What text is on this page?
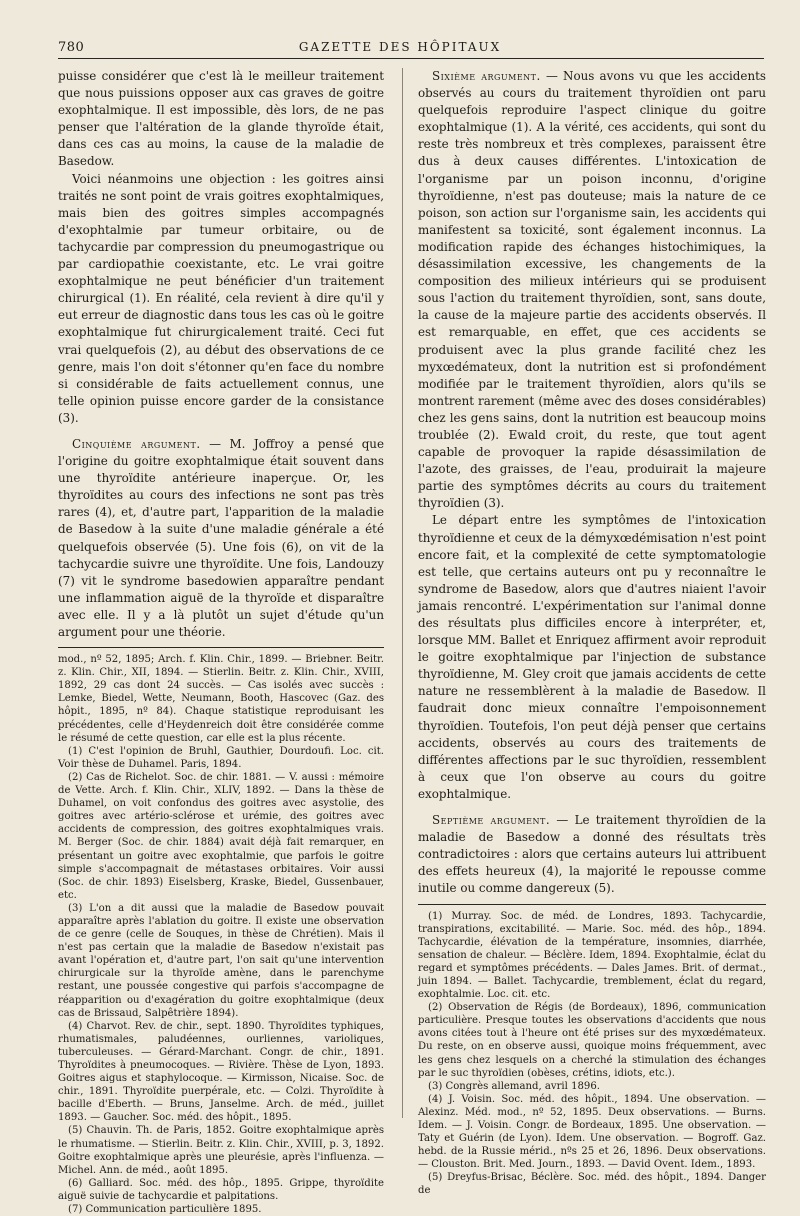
780	GAZETTE DES HÔPITAUX

puisse considérer que c'est là le meilleur traitement que nous puissions opposer aux cas graves de goitre exophtalmique. Il est impossible, dès lors, de ne pas penser que l'altération de la glande thyroïde était, dans ces cas au moins, la cause de la maladie de Basedow.

Voici néanmoins une objection : les goitres ainsi traités ne sont point de vrais goitres exophtalmiques, mais bien des goitres simples accompagnés d'exophtalmie par tumeur orbitaire, ou de tachycardie par compression du pneumogastrique ou par cardiopathie coexistante, etc. Le vrai goitre exophtalmique ne peut bénéficier d'un traitement chirurgical (1). En réalité, cela revient à dire qu'il y eut erreur de diagnostic dans tous les cas où le goitre exophtalmique fut chirurgicalement traité. Ceci fut vrai quelquefois (2), au début des observations de ce genre, mais l'on doit s'étonner qu'en face du nombre si considérable de faits actuellement connus, une telle opinion puisse encore garder de la consistance (3).

Cinquième argument. — M. Joffroy a pensé que l'origine du goitre exophtalmique était souvent dans une thyroïdite antérieure inaperçue. Or, les thyroïdites au cours des infections ne sont pas très rares (4), et, d'autre part, l'apparition de la maladie de Basedow à la suite d'une maladie générale a été quelquefois observée (5). Une fois (6), on vit de la tachycardie suivre une thyroïdite. Une fois, Landouzy (7) vit le syndrome basedowien apparaître pendant une inflammation aiguë de la thyroïde et disparaître avec elle. Il y a là plutôt un sujet d'étude qu'un argument pour une théorie.

mod., nº 52, 1895; Arch. f. Klin. Chir., 1899. — Briebner. Beitr. z. Klin. Chir., XII, 1894. — Stierlin. Beitr. z. Klin. Chir., XVIII, 1892, 29 cas dont 24 succès. — Cas isolés avec succès : Lemke, Biedel, Wette, Neumann, Booth, Hascovec (Gaz. des hôpit., 1895, nº 84). Chaque statistique reproduisant les précédentes, celle d'Heydenreich doit être considérée comme le résumé de cette question, car elle est la plus récente.

(1) C'est l'opinion de Bruhl, Gauthier, Dourdoufi. Loc. cit. Voir thèse de Duhamel. Paris, 1894.

(2) Cas de Richelot. Soc. de chir. 1881. — V. aussi : mémoire de Vette. Arch. f. Klin. Chir., XLIV, 1892. — Dans la thèse de Duhamel, on voit confondus des goitres avec asystolie, des goitres avec artério-sclérose et urémie, des goitres avec accidents de compression, des goitres exophtalmiques vrais. M. Berger (Soc. de chir. 1884) avait déjà fait remarquer, en présentant un goitre avec exophtalmie, que parfois le goitre simple s'accompagnait de métastases orbitaires. Voir aussi (Soc. de chir. 1893) Eiselsberg, Kraske, Biedel, Gussenbauer, etc.

(3) L'on a dit aussi que la maladie de Basedow pouvait apparaître après l'ablation du goitre. Il existe une observation de ce genre (celle de Souques, in thèse de Chrétien). Mais il n'est pas certain que la maladie de Basedow n'existait pas avant l'opération et, d'autre part, l'on sait qu'une intervention chirurgicale sur la thyroïde amène, dans le parenchyme restant, une poussée congestive qui parfois s'accompagne de réapparition ou d'exagération du goitre exophtalmique (deux cas de Brissaud, Salpêtrière 1894).

(4) Charvot. Rev. de chir., sept. 1890. Thyroïdites typhiques, rhumatismales, paludéennes, ourliennes, varioliques, tuberculeuses. — Gérard-Marchant. Congr. de chir., 1891. Thyroïdites à pneumocoques. — Rivière. Thèse de Lyon, 1893. Goitres aigus et staphylocoque. — Kirmisson, Nicaise. Soc. de chir., 1891. Thyroïdite puerpérale, etc. — Colzi. Thyroïdite à bacille d'Eberth. — Bruns, Janselme. Arch. de méd., juillet 1893. — Gaucher. Soc. méd. des hôpit., 1895.

(5) Chauvin. Th. de Paris, 1852. Goitre exophtalmique après le rhumatisme. — Stierlin. Beitr. z. Klin. Chir., XVIII, p. 3, 1892. Goitre exophtalmique après une pleurésie, après l'influenza. — Michel. Ann. de méd., août 1895.

(6) Galliard. Soc. méd. des hôp., 1895. Grippe, thyroïdite aiguë suivie de tachycardie et palpitations.

(7) Communication particulière 1895.

Sixième argument. — Nous avons vu que les accidents observés au cours du traitement thyroïdien ont paru quelquefois reproduire l'aspect clinique du goitre exophtalmique (1). A la vérité, ces accidents, qui sont du reste très nombreux et très complexes, paraissent être dus à deux causes différentes. L'intoxication de l'organisme par un poison inconnu, d'origine thyroïdienne, n'est pas douteuse; mais la nature de ce poison, son action sur l'organisme sain, les accidents qui manifestent sa toxicité, sont également inconnus. La modification rapide des échanges histochimiques, la désassimilation excessive, les changements de la composition des milieux intérieurs qui se produisent sous l'action du traitement thyroïdien, sont, sans doute, la cause de la majeure partie des accidents observés. Il est remarquable, en effet, que ces accidents se produisent avec la plus grande facilité chez les myxœdémateux, dont la nutrition est si profondément modifiée par le traitement thyroïdien, alors qu'ils se montrent rarement (même avec des doses considérables) chez les gens sains, dont la nutrition est beaucoup moins troublée (2). Ewald croit, du reste, que tout agent capable de provoquer la rapide désassimilation de l'azote, des graisses, de l'eau, produirait la majeure partie des symptômes décrits au cours du traitement thyroïdien (3).

Le départ entre les symptômes de l'intoxication thyroïdienne et ceux de la démyxœdémisation n'est point encore fait, et la complexité de cette symptomatologie est telle, que certains auteurs ont pu y reconnaître le syndrome de Basedow, alors que d'autres niaient l'avoir jamais rencontré. L'expérimentation sur l'animal donne des résultats plus difficiles encore à interpréter, et, lorsque MM. Ballet et Enriquez affirment avoir reproduit le goitre exophtalmique par l'injection de substance thyroïdienne, M. Gley croit que jamais accidents de cette nature ne ressemblèrent à la maladie de Basedow. Il faudrait donc mieux connaître l'empoisonnement thyroïdien. Toutefois, l'on peut déjà penser que certains accidents, observés au cours des traitements de différentes affections par le suc thyroïdien, ressemblent à ceux que l'on observe au cours du goitre exophtalmique.

Septième argument. — Le traitement thyroïdien de la maladie de Basedow a donné des résultats très contradictoires : alors que certains auteurs lui attribuent des effets heureux (4), la majorité le repousse comme inutile ou comme dangereux (5).

(1) Murray. Soc. de méd. de Londres, 1893. Tachycardie, transpirations, excitabilité. — Marie. Soc. méd. des hôp., 1894. Tachycardie, élévation de la température, insomnies, diarrhée, sensation de chaleur. — Béclère. Idem, 1894. Exophtalmie, éclat du regard et symptômes précédents. — Dales James. Brit. of dermat., juin 1894. — Ballet. Tachycardie, tremblement, éclat du regard, exophtalmie. Loc. cit. etc.

(2) Observation de Régis (de Bordeaux), 1896, communication particulière. Presque toutes les observations d'accidents que nous avons citées tout à l'heure ont été prises sur des myxœdémateux. Du reste, on en observe aussi, quoique moins fréquemment, avec les gens chez lesquels on a cherché la stimulation des échanges par le suc thyroïdien (obèses, crétins, idiots, etc.).

(3) Congrès allemand, avril 1896.

(4) J. Voisin. Soc. méd. des hôpit., 1894. Une observation. — Alexinz. Méd. mod., nº 52, 1895. Deux observations. — Burns. Idem. — J. Voisin. Congr. de Bordeaux, 1895. Une observation. — Taty et Guérin (de Lyon). Idem. Une observation. — Bogroff. Gaz. hebd. de la Russie mérid., nºs 25 et 26, 1896. Deux observations. — Clouston. Brit. Med. Journ., 1893. — David Ovent. Idem., 1893.

(5) Dreyfus-Brisac, Béclère. Soc. méd. des hôpit., 1894. Danger de
